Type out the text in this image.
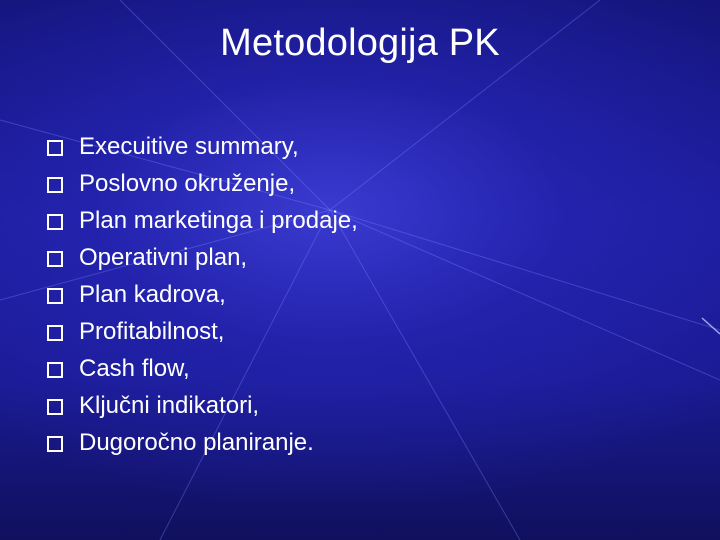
Metodologija PK
Execuitive summary,
Poslovno okruženje,
Plan marketinga i prodaje,
Operativni plan,
Plan kadrova,
Profitabilnost,
Cash flow,
Ključni indikatori,
Dugoročno planiranje.
